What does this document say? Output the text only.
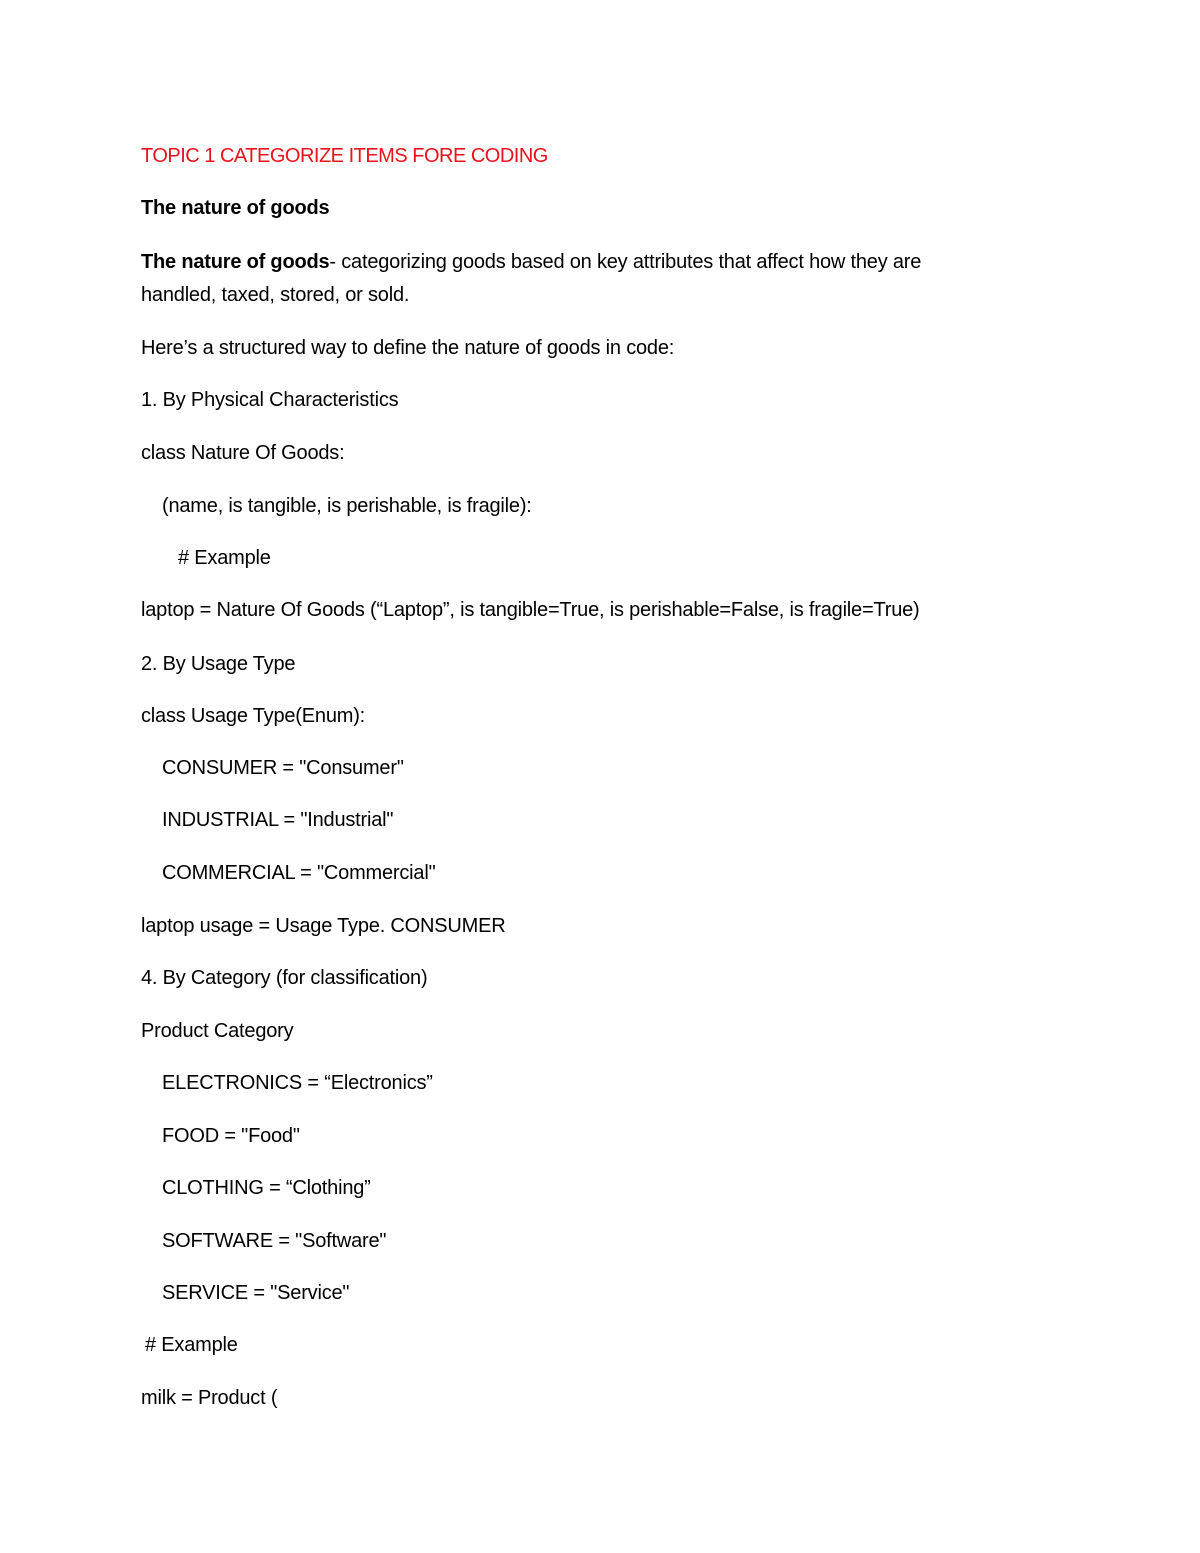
TOPIC 1 CATEGORIZE ITEMS FORE CODING
The nature of goods
The nature of goods- categorizing goods based on key attributes that affect how they are
handled, taxed, stored, or sold.
Here’s a structured way to define the nature of goods in code:
1. By Physical Characteristics
class Nature Of Goods:
(name, is tangible, is perishable, is fragile):
# Example
laptop = Nature Of Goods (“Laptop”, is tangible=True, is perishable=False, is fragile=True)
2. By Usage Type
class Usage Type(Enum):
CONSUMER = "Consumer"
INDUSTRIAL = "Industrial"
COMMERCIAL = "Commercial"
laptop usage = Usage Type. CONSUMER
4. By Category (for classification)
Product Category
ELECTRONICS = “Electronics”
FOOD = "Food"
CLOTHING = “Clothing”
SOFTWARE = "Software"
SERVICE = "Service"
# Example
milk = Product (
